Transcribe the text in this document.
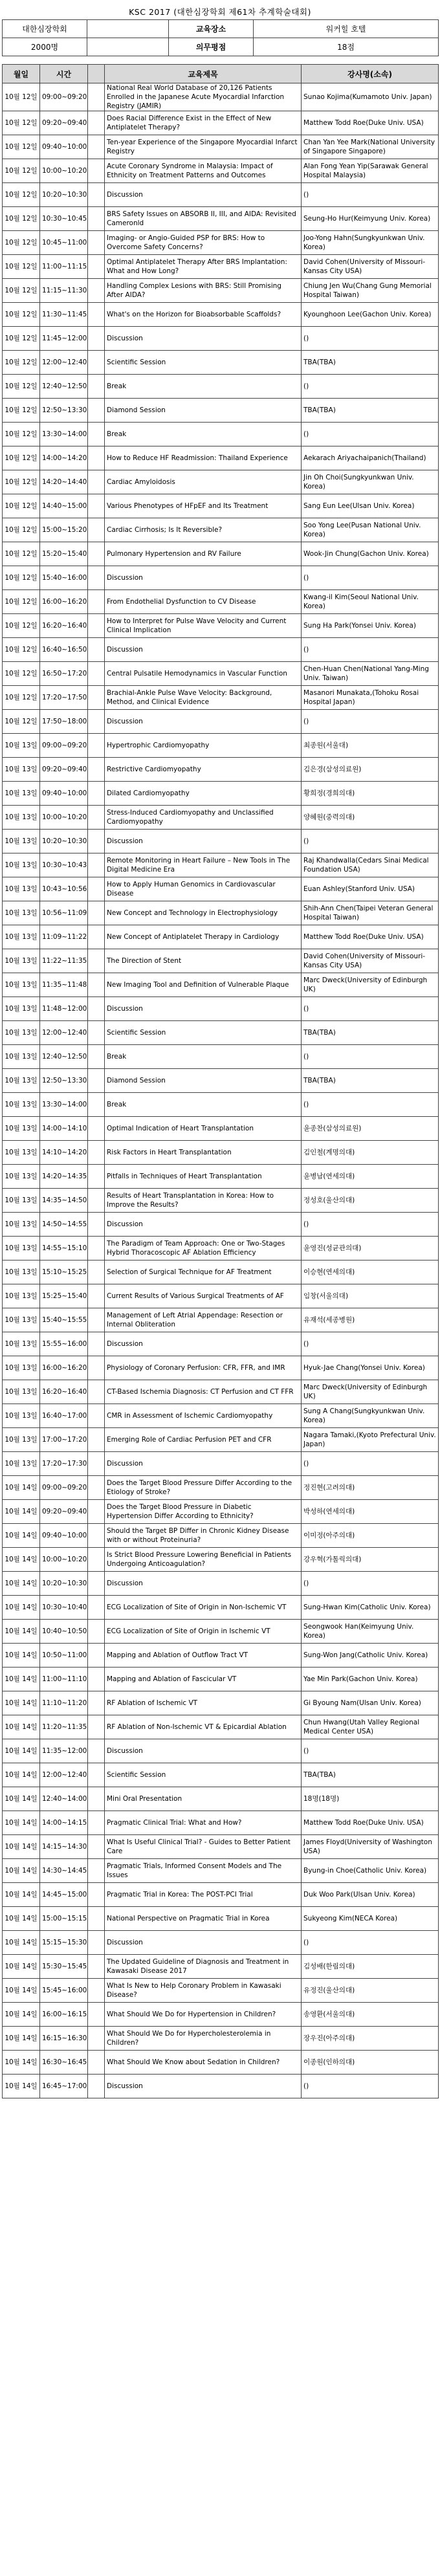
KSC 2017 (대한심장학회 제61차 추계학술대회)
대한심장학회		교육장소	워커힐 호텔
2000명		의무평점	18점
월일	시간		교육제목	강사명(소속)
10월 12일	09:00~09:20		National Real World Database of 20,126 Patients Enrolled in the Japanese Acute Myocardial Infarction Registry (JAMIR)	Sunao Kojima(Kumamoto Univ. Japan)
10월 12일	09:20~09:40		Does Racial Difference Exist in the Effect of New Antiplatelet Therapy?	Matthew Todd Roe(Duke Univ. USA)
10월 12일	09:40~10:00		Ten-year Experience of the Singapore Myocardial Infarct Registry	Chan Yan Yee Mark(National University of Singapore Singapore)
10월 12일	10:00~10:20		Acute Coronary Syndrome in Malaysia: Impact of Ethnicity on Treatment Patterns and Outcomes	Alan Fong Yean Yip(Sarawak General Hospital Malaysia)
10월 12일	10:20~10:30		Discussion	()
10월 12일	10:30~10:45		BRS Safety Issues on ABSORB II, III, and AIDA: Revisited Cameronld	Seung-Ho Hur(Keimyung Univ. Korea)
10월 12일	10:45~11:00		Imaging- or Angio-Guided PSP for BRS: How to Overcome Safety Concerns?	Joo-Yong Hahn(Sungkyunkwan Univ. Korea)
10월 12일	11:00~11:15		Optimal Antiplatelet Therapy After BRS Implantation: What and How Long?	David Cohen(University of Missouri-Kansas City USA)
10월 12일	11:15~11:30		Handling Complex Lesions with BRS: Still Promising After AIDA?	Chiung Jen Wu(Chang Gung Memorial Hospital Taiwan)
10월 12일	11:30~11:45		What's on the Horizon for Bioabsorbable Scaffolds?	Kyounghoon Lee(Gachon Univ. Korea)
10월 12일	11:45~12:00		Discussion	()
10월 12일	12:00~12:40		Scientific Session	TBA(TBA)
10월 12일	12:40~12:50		Break	()
10월 12일	12:50~13:30		Diamond Session	TBA(TBA)
10월 12일	13:30~14:00		Break	()
10월 12일	14:00~14:20		How to Reduce HF Readmission: Thailand Experience	Aekarach Ariyachaipanich(Thailand)
10월 12일	14:20~14:40		Cardiac Amyloidosis	Jin Oh Choi(Sungkyunkwan Univ. Korea)
10월 12일	14:40~15:00		Various Phenotypes of HFpEF and Its Treatment	Sang Eun Lee(Ulsan Univ. Korea)
10월 12일	15:00~15:20		Cardiac Cirrhosis; Is It Reversible?	Soo Yong Lee(Pusan National Univ. Korea)
10월 12일	15:20~15:40		Pulmonary Hypertension and RV Failure	Wook-Jin Chung(Gachon Univ. Korea)
10월 12일	15:40~16:00		Discussion	()
10월 12일	16:00~16:20		From Endothelial Dysfunction to CV Disease	Kwang-il Kim(Seoul National Univ. Korea)
10월 12일	16:20~16:40		How to Interpret for Pulse Wave Velocity and Current Clinical Implication	Sung Ha Park(Yonsei Univ. Korea)
10월 12일	16:40~16:50		Discussion	()
10월 12일	16:50~17:20		Central Pulsatile Hemodynamics in Vascular Function	Chen-Huan Chen(National Yang-Ming Univ. Taiwan)
10월 12일	17:20~17:50		Brachial-Ankle Pulse Wave Velocity: Background, Method, and Clinical Evidence	Masanori Munakata,(Tohoku Rosai Hospital Japan)
10월 12일	17:50~18:00		Discussion	()
10월 13일	09:00~09:20		Hypertrophic Cardiomyopathy	최종원(서울대)
10월 13일	09:20~09:40		Restrictive Cardiomyopathy	김은경(삼성의료원)
10월 13일	09:40~10:00		Dilated Cardiomyopathy	황희정(경희의대)
10월 13일	10:00~10:20		Stress-Induced Cardiomyopathy and Unclassified Cardiomyopathy	양혜원(중력의대)
10월 13일	10:20~10:30		Discussion	()
10월 13일	10:30~10:43		Remote Monitoring in Heart Failure – New Tools in The Digital Medicine Era	Raj Khandwalla(Cedars Sinai Medical Foundation USA)
10월 13일	10:43~10:56		How to Apply Human Genomics in Cardiovascular Disease	Euan Ashley(Stanford Univ. USA)
10월 13일	10:56~11:09		New Concept and Technology in Electrophysiology	Shih-Ann Chen(Taipei Veteran General Hospital Taiwan)
10월 13일	11:09~11:22		New Concept of Antiplatelet Therapy in Cardiology	Matthew Todd Roe(Duke Univ. USA)
10월 13일	11:22~11:35		The Direction of Stent	David Cohen(University of Missouri-Kansas City USA)
10월 13일	11:35~11:48		New Imaging Tool and Definition of Vulnerable Plaque	Marc Dweck(University of Edinburgh UK)
10월 13일	11:48~12:00		Discussion	()
10월 13일	12:00~12:40		Scientific Session	TBA(TBA)
10월 13일	12:40~12:50		Break	()
10월 13일	12:50~13:30		Diamond Session	TBA(TBA)
10월 13일	13:30~14:00		Break	()
10월 13일	14:00~14:10		Optimal Indication of Heart Transplantation	윤종찬(삼성의료원)
10월 13일	14:10~14:20		Risk Factors in Heart Transplantation	김인철(계명의대)
10월 13일	14:20~14:35		Pitfalls in Techniques of Heart Transplantation	윤병남(연세의대)
10월 13일	14:35~14:50		Results of Heart Transplantation in Korea: How to Improve the Results?	정성호(울산의대)
10월 13일	14:50~14:55		Discussion	()
10월 13일	14:55~15:10		The Paradigm of Team Approach: One or Two-Stages Hybrid Thoracoscopic AF Ablation Efficiency	윤영진(성균관의대)
10월 13일	15:10~15:25		Selection of Surgical Technique for AF Treatment	이승현(연세의대)
10월 13일	15:25~15:40		Current Results of Various Surgical Treatments of AF	임창(서울의대)
10월 13일	15:40~15:55		Management of Left Atrial Appendage: Resection or Internal Obliteration	유재석(세종병원)
10월 13일	15:55~16:00		Discussion	()
10월 13일	16:00~16:20		Physiology of Coronary Perfusion: CFR, FFR, and IMR	Hyuk-Jae Chang(Yonsei Univ. Korea)
10월 13일	16:20~16:40		CT-Based Ischemia Diagnosis: CT Perfusion and CT FFR	Marc Dweck(University of Edinburgh UK)
10월 13일	16:40~17:00		CMR in Assessment of Ischemic Cardiomyopathy	Sung A Chang(Sungkyunkwan Univ. Korea)
10월 13일	17:00~17:20		Emerging Role of Cardiac Perfusion PET and CFR	Nagara Tamaki,(Kyoto Prefectural Univ. Japan)
10월 13일	17:20~17:30		Discussion	()
10월 14일	09:00~09:20		Does the Target Blood Pressure Differ According to the Etiology of Stroke?	정진현(고려의대)
10월 14일	09:20~09:40		Does the Target Blood Pressure in Diabetic Hypertension Differ According to Ethnicity?	박성하(연세의대)
10월 14일	09:40~10:00		Should the Target BP Differ in Chronic Kidney Disease with or without Proteinuria?	이미정(아주의대)
10월 14일	10:00~10:20		Is Strict Blood Pressure Lowering Beneficial in Patients Undergoing Anticoagulation?	강우혁(가톨릭의대)
10월 14일	10:20~10:30		Discussion	()
10월 14일	10:30~10:40		ECG Localization of Site of Origin in Non-Ischemic VT	Sung-Hwan Kim(Catholic Univ. Korea)
10월 14일	10:40~10:50		ECG Localization of Site of Origin in Ischemic VT	Seongwook Han(Keimyung Univ. Korea)
10월 14일	10:50~11:00		Mapping and Ablation of Outflow Tract VT	Sung-Won Jang(Catholic Univ. Korea)
10월 14일	11:00~11:10		Mapping and Ablation of Fascicular VT	Yae Min Park(Gachon Univ. Korea)
10월 14일	11:10~11:20		RF Ablation of Ischemic VT	Gi Byoung Nam(Ulsan Univ. Korea)
10월 14일	11:20~11:35		RF Ablation of Non-Ischemic VT & Epicardial Ablation	Chun Hwang(Utah Valley Regional Medical Center USA)
10월 14일	11:35~12:00		Discussion	()
10월 14일	12:00~12:40		Scientific Session	TBA(TBA)
10월 14일	12:40~14:00		Mini Oral Presentation	18명(18명)
10월 14일	14:00~14:15		Pragmatic Clinical Trial: What and How?	Matthew Todd Roe(Duke Univ. USA)
10월 14일	14:15~14:30		What Is Useful Clinical Trial? - Guides to Better Patient Care	James Floyd(University of Washington USA)
10월 14일	14:30~14:45		Pragmatic Trials, Informed Consent Models and The Issues	Byung-in Choe(Catholic Univ. Korea)
10월 14일	14:45~15:00		Pragmatic Trial in Korea: The POST-PCI Trial	Duk Woo Park(Ulsan Univ. Korea)
10월 14일	15:00~15:15		National Perspective on Pragmatic Trial in Korea	Sukyeong Kim(NECA Korea)
10월 14일	15:15~15:30		Discussion	()
10월 14일	15:30~15:45		The Updated Guideline of Diagnosis and Treatment in Kawasaki Disease 2017	김성배(한림의대)
10월 14일	15:45~16:00		What Is New to Help Coronary Problem in Kawasaki Disease?	유정진(울산의대)
10월 14일	16:00~16:15		What Should We Do for Hypertension in Children?	송영환(서울의대)
10월 14일	16:15~16:30		What Should We Do for Hypercholesterolemia in Children?	장우진(아주의대)
10월 14일	16:30~16:45		What Should We Know about Sedation in Children?	이종원(인하의대)
10월 14일	16:45~17:00		Discussion	()
